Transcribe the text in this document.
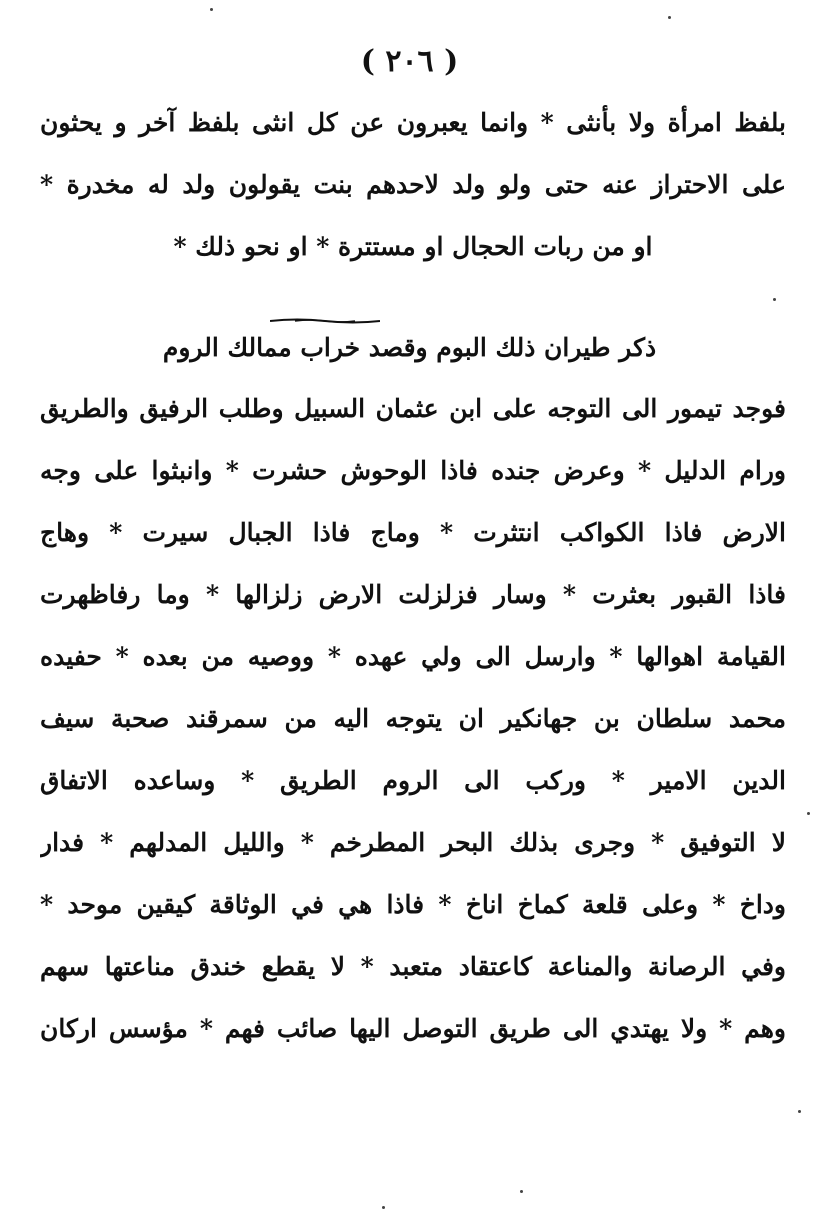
( ٢٠٦ )
بلفظ امرأة ولا بأنثى * وانما يعبرون عن كل انثى بلفظ آخر و يحثون
على الاحتراز عنه حتى ولو ولد لاحدهم بنت يقولون ولد له مخدرة *
او من ربات الحجال او مستترة * او نحو ذلك *
ذكر طيران ذلك البوم وقصد خراب ممالك الروم
فوجد تيمور الى التوجه على ابن عثمان السبيل وطلب الرفيق والطريق
ورام الدليل * وعرض جنده فاذا الوحوش حشرت * وانبثوا على وجه
الارض فاذا الكواكب انتثرت * وماج فاذا الجبال سيرت * وهاج
فاذا القبور بعثرت * وسار فزلزلت الارض زلزالها * وما رفاظهرت
القيامة اهوالها * وارسل الى ولي عهده * ووصيه من بعده * حفيده
محمد سلطان بن جهانكير ان يتوجه اليه من سمرقند صحبة سيف
الدين الامير * وركب الى الروم الطريق * وساعده الاتفاق
لا التوفيق * وجرى بذلك البحر المطرخم * والليل المدلهم * فدار
وداخ * وعلى قلعة كماخ اناخ * فاذا هي في الوثاقة كيقين موحد *
وفي الرصانة والمناعة كاعتقاد متعبد * لا يقطع خندق مناعتها سهم
وهم * ولا يهتدي الى طريق التوصل اليها صائب فهم * مؤسس اركان
